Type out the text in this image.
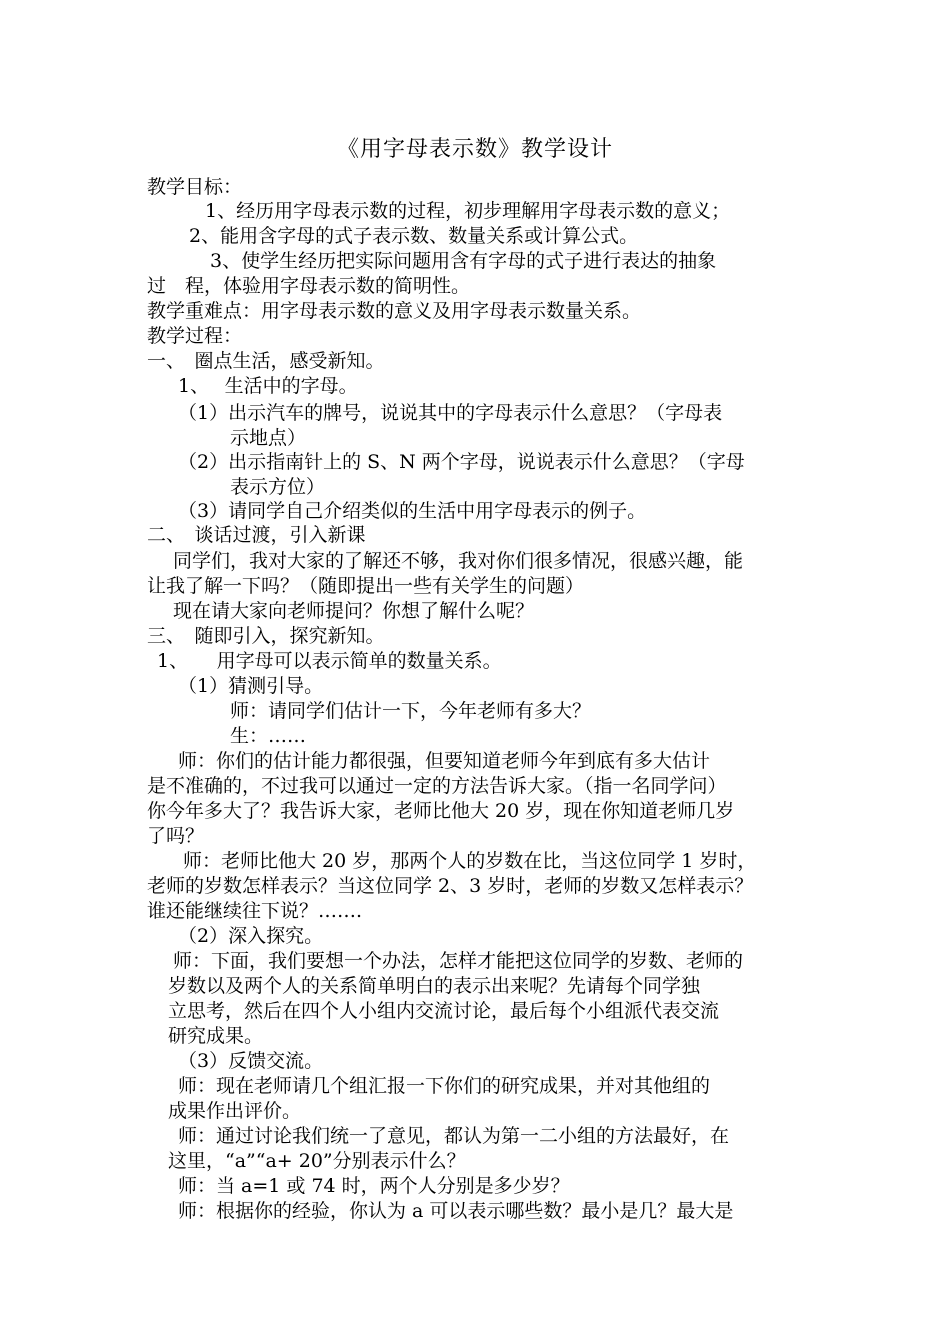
《用字母表示数》教学设计
教学目标：
1、经历用字母表示数的过程，初步理解用字母表示数的意义；
2、能用含字母的式子表示数、数量关系或计算公式。
3、使学生经历把实际问题用含有字母的式子进行表达的抽象
过　程，体验用字母表示数的简明性。
教学重难点：用字母表示数的意义及用字母表示数量关系。
教学过程：
一、　圈点生活，感受新知。
1、　 生活中的字母。
（1）出示汽车的牌号，说说其中的字母表示什么意思？（字母表
示地点）
（2）出示指南针上的 S、N 两个字母，说说表示什么意思？（字母
表示方位）
（3）请同学自己介绍类似的生活中用字母表示的例子。
二、　谈话过渡，引入新课
同学们，我对大家的了解还不够，我对你们很多情况，很感兴趣，能
让我了解一下吗？（随即提出一些有关学生的问题）
现在请大家向老师提问？你想了解什么呢？
三、　随即引入，探究新知。
1、　　用字母可以表示简单的数量关系。
（1）猜测引导。
师：请同学们估计一下，今年老师有多大？
生：……
师：你们的估计能力都很强，但要知道老师今年到底有多大估计
是不准确的，不过我可以通过一定的方法告诉大家。（指一名同学问）
你今年多大了？我告诉大家，老师比他大 20 岁，现在你知道老师几岁
了吗？
师：老师比他大 20 岁，那两个人的岁数在比，当这位同学 1 岁时，
老师的岁数怎样表示？当这位同学 2、3 岁时，老师的岁数又怎样表示？
谁还能继续往下说？…….
（2）深入探究。
师：下面，我们要想一个办法，怎样才能把这位同学的岁数、老师的
岁数以及两个人的关系简单明白的表示出来呢？先请每个同学独
立思考，然后在四个人小组内交流讨论，最后每个小组派代表交流
研究成果。
（3）反馈交流。
师：现在老师请几个组汇报一下你们的研究成果，并对其他组的
成果作出评价。
师：通过讨论我们统一了意见，都认为第一二小组的方法最好，在
这里，“a”“a+ 20”分别表示什么？
师：当 a=1 或 74 时，两个人分别是多少岁？
师：根据你的经验，你认为 a 可以表示哪些数？最小是几？最大是
